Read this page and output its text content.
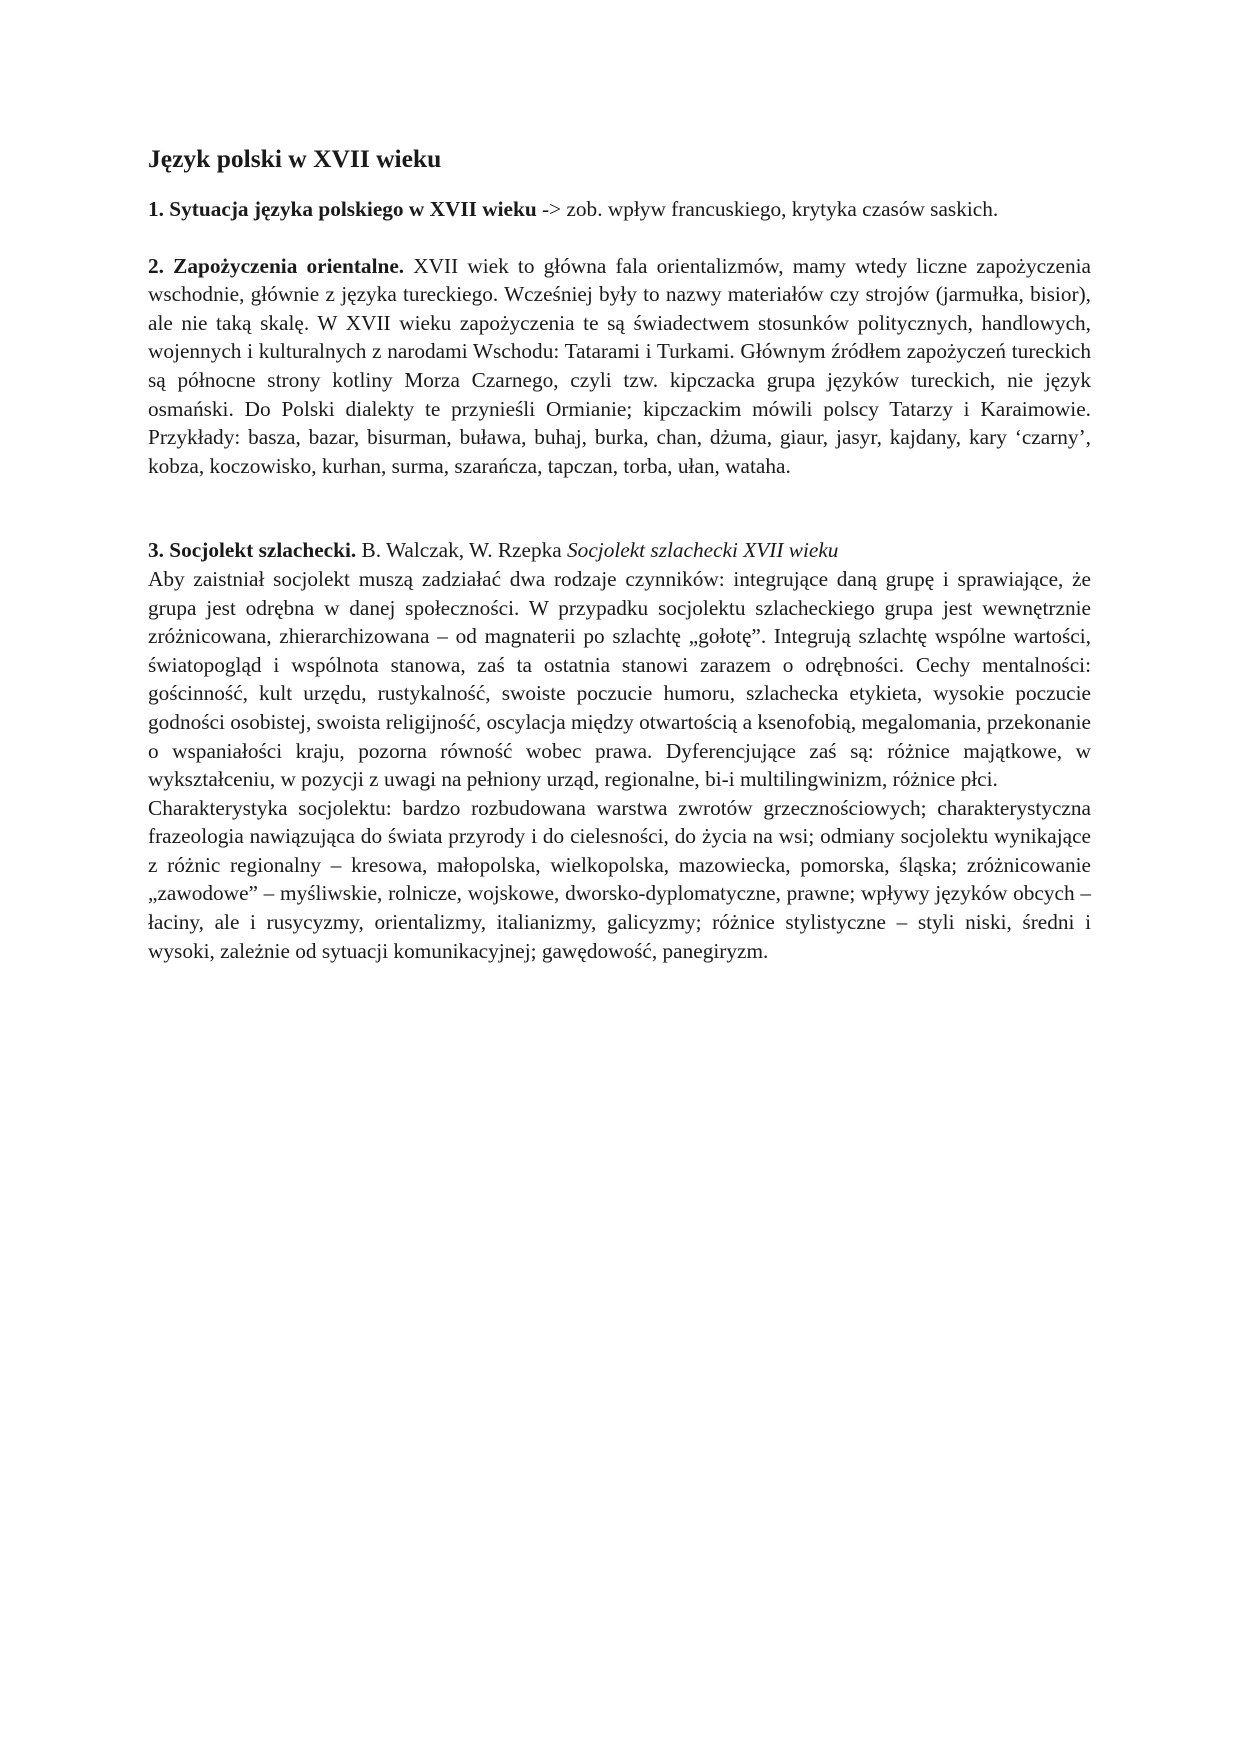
Język polski w XVII wieku

1. Sytuacja języka polskiego w XVII wieku -> zob. wpływ francuskiego, krytyka czasów saskich.

2. Zapożyczenia orientalne. XVII wiek to główna fala orientalizmów, mamy wtedy liczne zapożyczenia wschodnie, głównie z języka tureckiego. Wcześniej były to nazwy materiałów czy strojów (jarmułka, bisior), ale nie taką skalę. W XVII wieku zapożyczenia te są świadectwem stosunków politycznych, handlowych, wojennych i kulturalnych z narodami Wschodu: Tatarami i Turkami. Głównym źródłem zapożyczeń tureckich są północne strony kotliny Morza Czarnego, czyli tzw. kipczacka grupa języków tureckich, nie język osmański. Do Polski dialekty te przynieśli Ormianie; kipczackim mówili polscy Tatarzy i Karaimowie. Przykłady: basza, bazar, bisurman, buława, buhaj, burka, chan, dżuma, giaur, jasyr, kajdany, kary ‘czarny’, kobza, koczowisko, kurhan, surma, szarańcza, tapczan, torba, ułan, wataha.

3. Socjolekt szlachecki. B. Walczak, W. Rzepka Socjolekt szlachecki XVII wieku

Aby zaistniał socjolekt muszą zadziałać dwa rodzaje czynników: integrujące daną grupę i sprawiające, że grupa jest odrębna w danej społeczności. W przypadku socjolektu szlacheckiego grupa jest wewnętrznie zróżnicowana, zhierarchizowana – od magnaterii po szlachtę „gołotę”. Integrują szlachtę wspólne wartości, światopogląd i wspólnota stanowa, zaś ta ostatnia stanowi zarazem o odrębności. Cechy mentalności: gościnność, kult urzędu, rustykalność, swoiste poczucie humoru, szlachecka etykieta, wysokie poczucie godności osobistej, swoista religijność, oscylacja między otwartością a ksenofobią, megalomania, przekonanie o wspaniałości kraju, pozorna równość wobec prawa. Dyferencjujące zaś są: różnice majątkowe, w wykształceniu, w pozycji z uwagi na pełniony urząd, regionalne, bi-i multilingwinizm, różnice płci.

Charakterystyka socjolektu: bardzo rozbudowana warstwa zwrotów grzecznościowych; charakterystyczna frazeologia nawiązująca do świata przyrody i do cielesności, do życia na wsi; odmiany socjolektu wynikające z różnic regionalny – kresowa, małopolska, wielkopolska, mazowiecka, pomorska, śląska; zróżnicowanie „zawodowe” – myśliwskie, rolnicze, wojskowe, dworsko-dyplomatyczne, prawne; wpływy języków obcych – łaciny, ale i rusycyzmy, orientalizmy, italianizmy, galicyzmy; różnice stylistyczne – styli niski, średni i wysoki, zależnie od sytuacji komunikacyjnej; gawędowość, panegiryzm.
